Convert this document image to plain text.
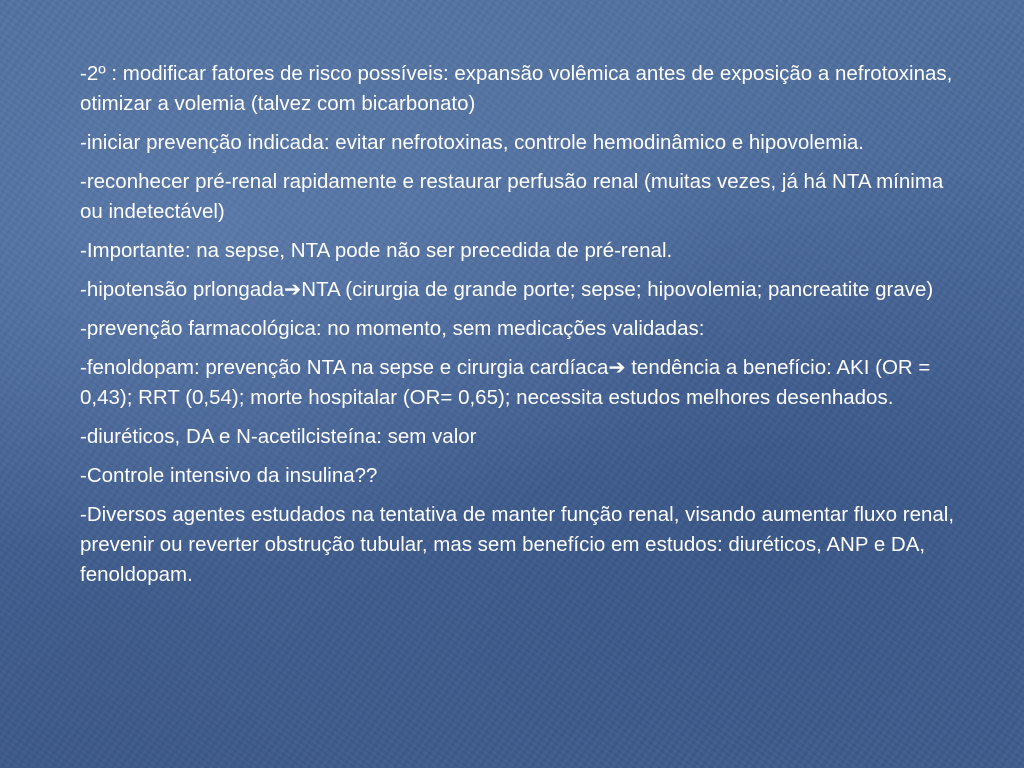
-2º : modificar fatores de risco possíveis: expansão volêmica antes de exposição a nefrotoxinas, otimizar a volemia (talvez com bicarbonato)

-iniciar prevenção indicada: evitar nefrotoxinas, controle hemodinâmico e hipovolemia.

-reconhecer pré-renal rapidamente e restaurar perfusão renal (muitas vezes, já há NTA mínima ou indetectável)

-Importante: na sepse, NTA pode não ser precedida de pré-renal.

-hipotensão prlongada➔NTA (cirurgia de grande porte; sepse; hipovolemia; pancreatite grave)

-prevenção farmacológica: no momento, sem medicações validadas:

-fenoldopam: prevenção NTA na sepse e cirurgia cardíaca➔ tendência a benefício: AKI (OR = 0,43); RRT (0,54); morte hospitalar (OR= 0,65); necessita estudos melhores desenhados.

-diuréticos, DA e N-acetilcisteína: sem valor

-Controle intensivo da insulina??

-Diversos agentes estudados na tentativa de manter função renal, visando aumentar fluxo renal, prevenir ou reverter obstrução tubular, mas sem benefício em estudos: diuréticos, ANP e DA, fenoldopam.
